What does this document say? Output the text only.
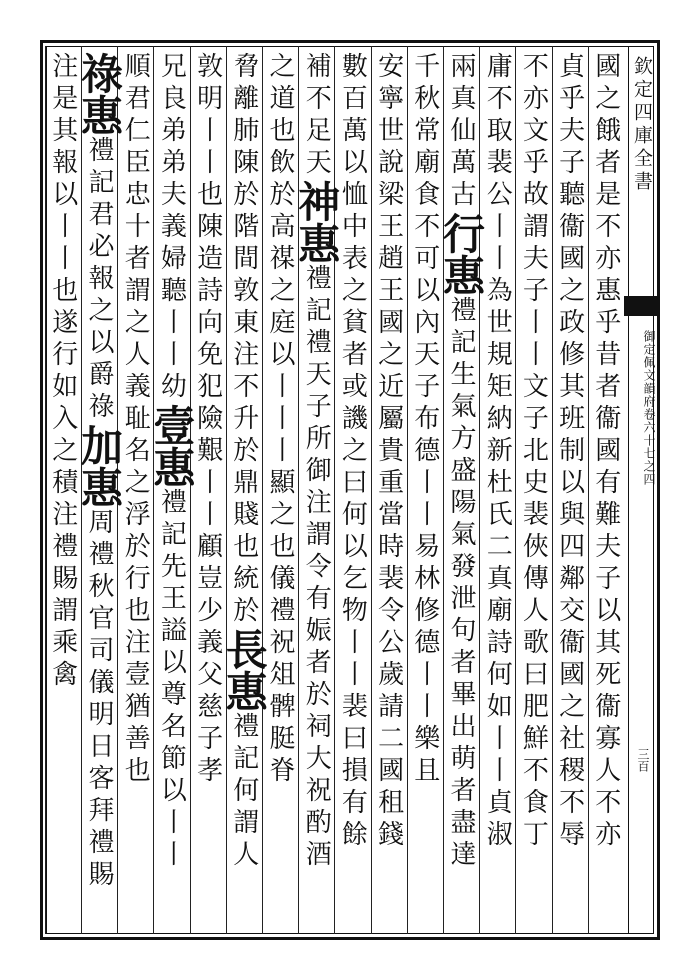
欽定四庫全書
御定佩文韻府卷六十七之四
三百
國之餓者是不亦惠乎昔者衞國有難夫子以其死衞寡人不亦
貞乎夫子聽衞國之政修其班制以與四鄰交衞國之社稷不辱
不亦文乎故謂夫子丨丨文子北史裴俠傳人歌曰肥鮮不食丁
庸不取裴公丨丨為世規矩納新杜氏二真廟詩何如丨丨貞淑
兩真仙萬古行惠禮記生氣方盛陽氣發泄句者畢出萌者盡達
千秋常廟食不可以內天子布德丨丨易林修德丨丨樂且
安寧世說梁王趙王國之近屬貴重當時裴令公歲請二國租錢
數百萬以恤中表之貧者或譏之曰何以乞物丨丨裴曰損有餘
補不足天神惠禮記禮天子所御注謂令有娠者於祠大祝酌酒
之道也飲於高禖之庭以丨丨丨顯之也儀禮祝俎髀脡脊
脅離肺陳於階間敦東注不升於鼎賤也統於長惠禮記何謂人
敦明丨丨也陳造詩向免犯險艱丨丨顧豈少義父慈子孝
兄良弟弟夫義婦聽丨丨幼壹惠禮記先王謚以尊名節以丨丨
順君仁臣忠十者謂之人義耻名之浮於行也注壹猶善也
祿惠禮記君必報之以爵祿加惠周禮秋官司儀明日客拜禮賜
注是其報以丨丨也遂行如入之積注禮賜謂乘禽
